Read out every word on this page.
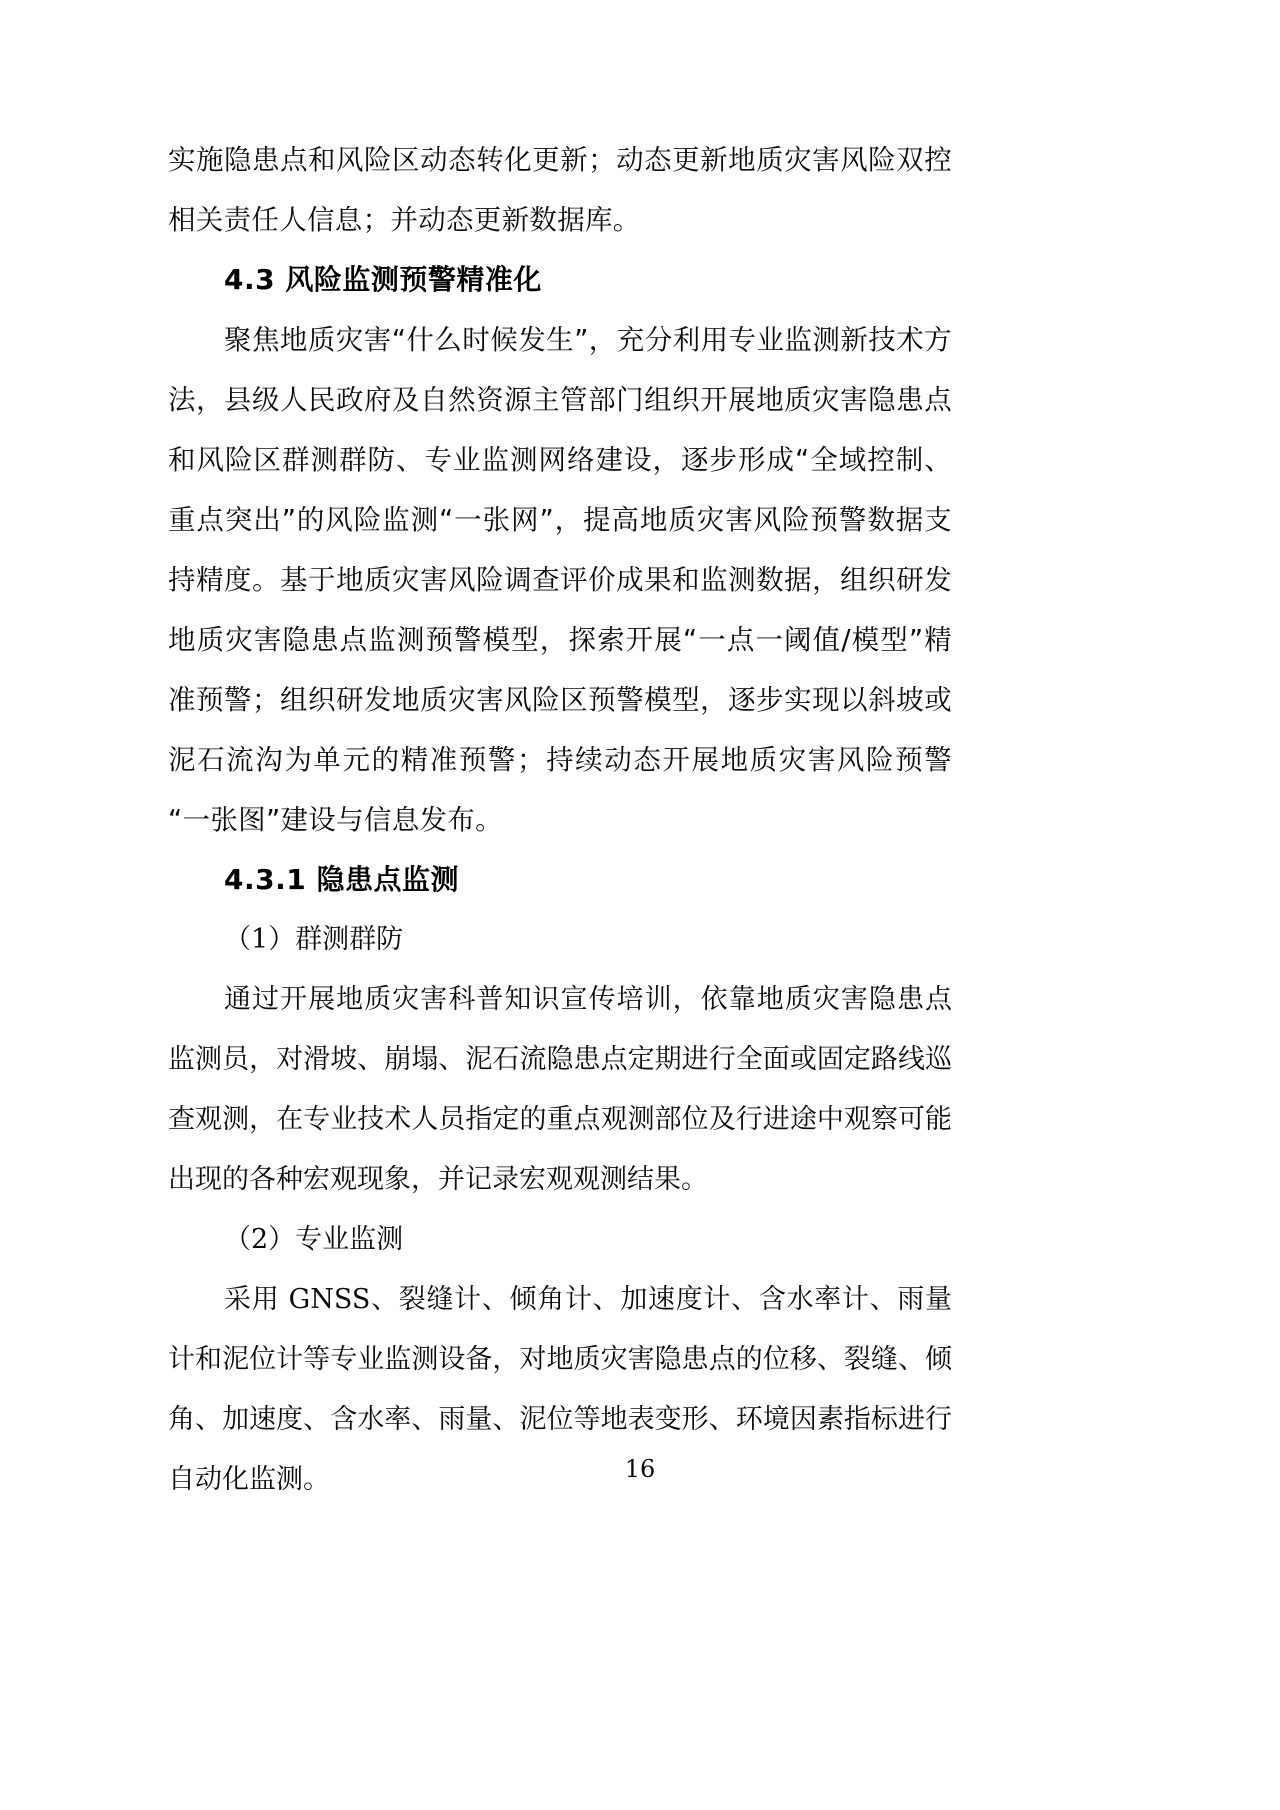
实施隐患点和风险区动态转化更新；动态更新地质灾害风险双控相关责任人信息；并动态更新数据库。

4.3 风险监测预警精准化

聚焦地质灾害“什么时候发生”，充分利用专业监测新技术方法，县级人民政府及自然资源主管部门组织开展地质灾害隐患点和风险区群测群防、专业监测网络建设，逐步形成“全域控制、重点突出”的风险监测“一张网”，提高地质灾害风险预警数据支持精度。基于地质灾害风险调查评价成果和监测数据，组织研发地质灾害隐患点监测预警模型，探索开展“一点一阈值/模型”精准预警；组织研发地质灾害风险区预警模型，逐步实现以斜坡或泥石流沟为单元的精准预警；持续动态开展地质灾害风险预警“一张图”建设与信息发布。

4.3.1 隐患点监测

（1）群测群防

通过开展地质灾害科普知识宣传培训，依靠地质灾害隐患点监测员，对滑坡、崩塌、泥石流隐患点定期进行全面或固定路线巡查观测，在专业技术人员指定的重点观测部位及行进途中观察可能出现的各种宏观现象，并记录宏观观测结果。

（2）专业监测

采用 GNSS、裂缝计、倾角计、加速度计、含水率计、雨量计和泥位计等专业监测设备，对地质灾害隐患点的位移、裂缝、倾角、加速度、含水率、雨量、泥位等地表变形、环境因素指标进行自动化监测。	16
